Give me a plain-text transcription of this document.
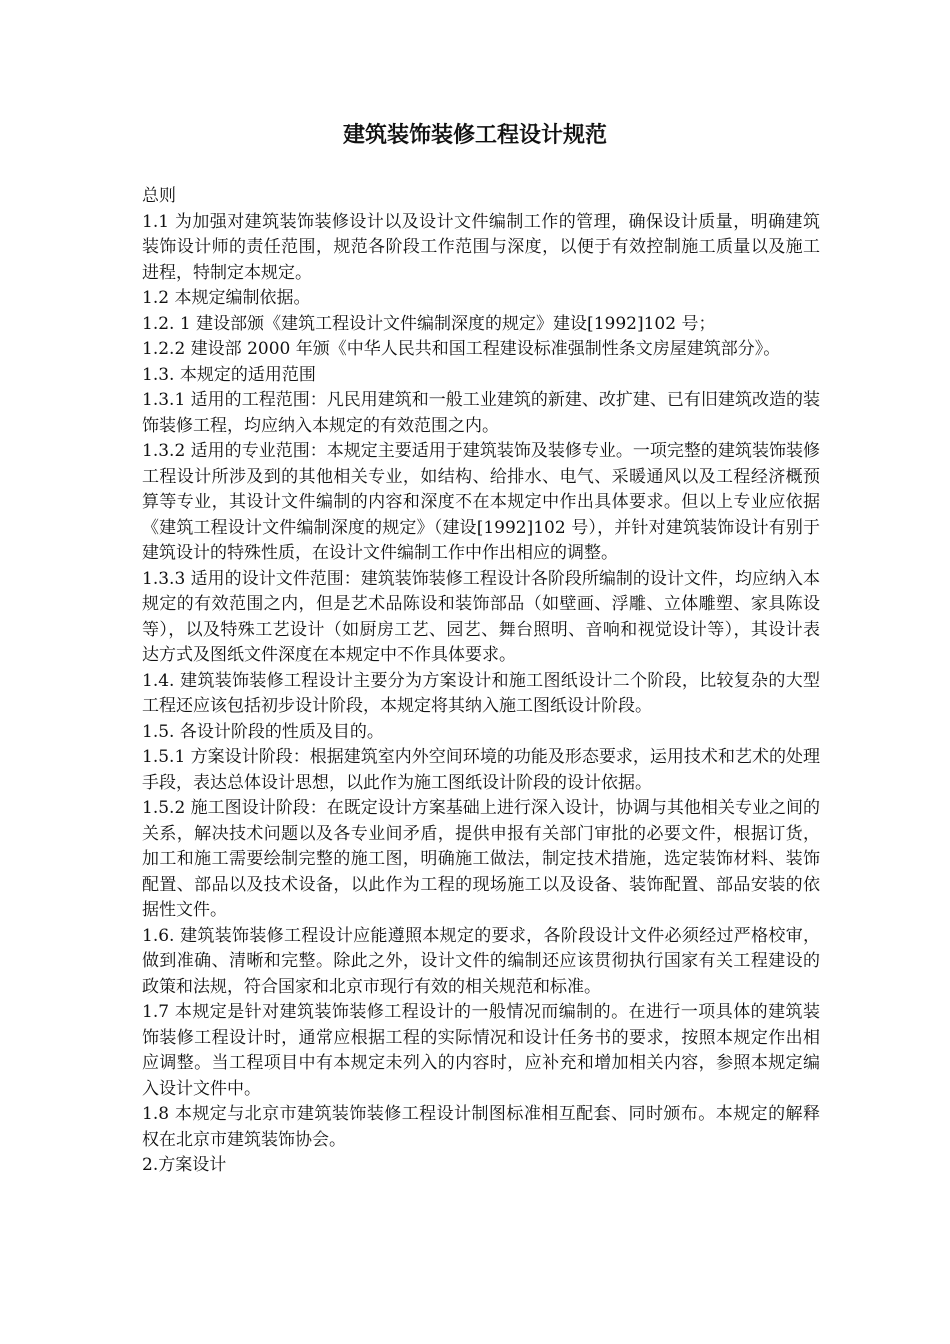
建筑装饰装修工程设计规范

总则

1.1 为加强对建筑装饰装修设计以及设计文件编制工作的管理，确保设计质量，明确建筑装饰设计师的责任范围，规范各阶段工作范围与深度，以便于有效控制施工质量以及施工进程，特制定本规定。

1.2 本规定编制依据。

1.2. 1 建设部颁《建筑工程设计文件编制深度的规定》建设[1992]102 号；

1.2.2 建设部 2000 年颁《中华人民共和国工程建设标准强制性条文房屋建筑部分》。

1.3. 本规定的适用范围

1.3.1 适用的工程范围：凡民用建筑和一般工业建筑的新建、改扩建、已有旧建筑改造的装饰装修工程，均应纳入本规定的有效范围之内。

1.3.2 适用的专业范围：本规定主要适用于建筑装饰及装修专业。一项完整的建筑装饰装修工程设计所涉及到的其他相关专业，如结构、给排水、电气、采暖通风以及工程经济概预算等专业，其设计文件编制的内容和深度不在本规定中作出具体要求。但以上专业应依据《建筑工程设计文件编制深度的规定》（建设[1992]102 号），并针对建筑装饰设计有别于建筑设计的特殊性质，在设计文件编制工作中作出相应的调整。

1.3.3 适用的设计文件范围：建筑装饰装修工程设计各阶段所编制的设计文件，均应纳入本规定的有效范围之内，但是艺术品陈设和装饰部品（如壁画、浮雕、立体雕塑、家具陈设等），以及特殊工艺设计（如厨房工艺、园艺、舞台照明、音响和视觉设计等），其设计表达方式及图纸文件深度在本规定中不作具体要求。

1.4. 建筑装饰装修工程设计主要分为方案设计和施工图纸设计二个阶段，比较复杂的大型工程还应该包括初步设计阶段，本规定将其纳入施工图纸设计阶段。

1.5. 各设计阶段的性质及目的。

1.5.1 方案设计阶段：根据建筑室内外空间环境的功能及形态要求，运用技术和艺术的处理手段，表达总体设计思想，以此作为施工图纸设计阶段的设计依据。

1.5.2 施工图设计阶段：在既定设计方案基础上进行深入设计，协调与其他相关专业之间的关系，解决技术问题以及各专业间矛盾，提供申报有关部门审批的必要文件，根据订货，加工和施工需要绘制完整的施工图，明确施工做法，制定技术措施，选定装饰材料、装饰配置、部品以及技术设备，以此作为工程的现场施工以及设备、装饰配置、部品安装的依据性文件。

1.6. 建筑装饰装修工程设计应能遵照本规定的要求，各阶段设计文件必须经过严格校审，做到准确、清晰和完整。除此之外，设计文件的编制还应该贯彻执行国家有关工程建设的政策和法规，符合国家和北京市现行有效的相关规范和标准。

1.7 本规定是针对建筑装饰装修工程设计的一般情况而编制的。在进行一项具体的建筑装饰装修工程设计时，通常应根据工程的实际情况和设计任务书的要求，按照本规定作出相应调整。当工程项目中有本规定未列入的内容时，应补充和增加相关内容，参照本规定编入设计文件中。

1.8 本规定与北京市建筑装饰装修工程设计制图标准相互配套、同时颁布。本规定的解释权在北京市建筑装饰协会。

2.方案设计
